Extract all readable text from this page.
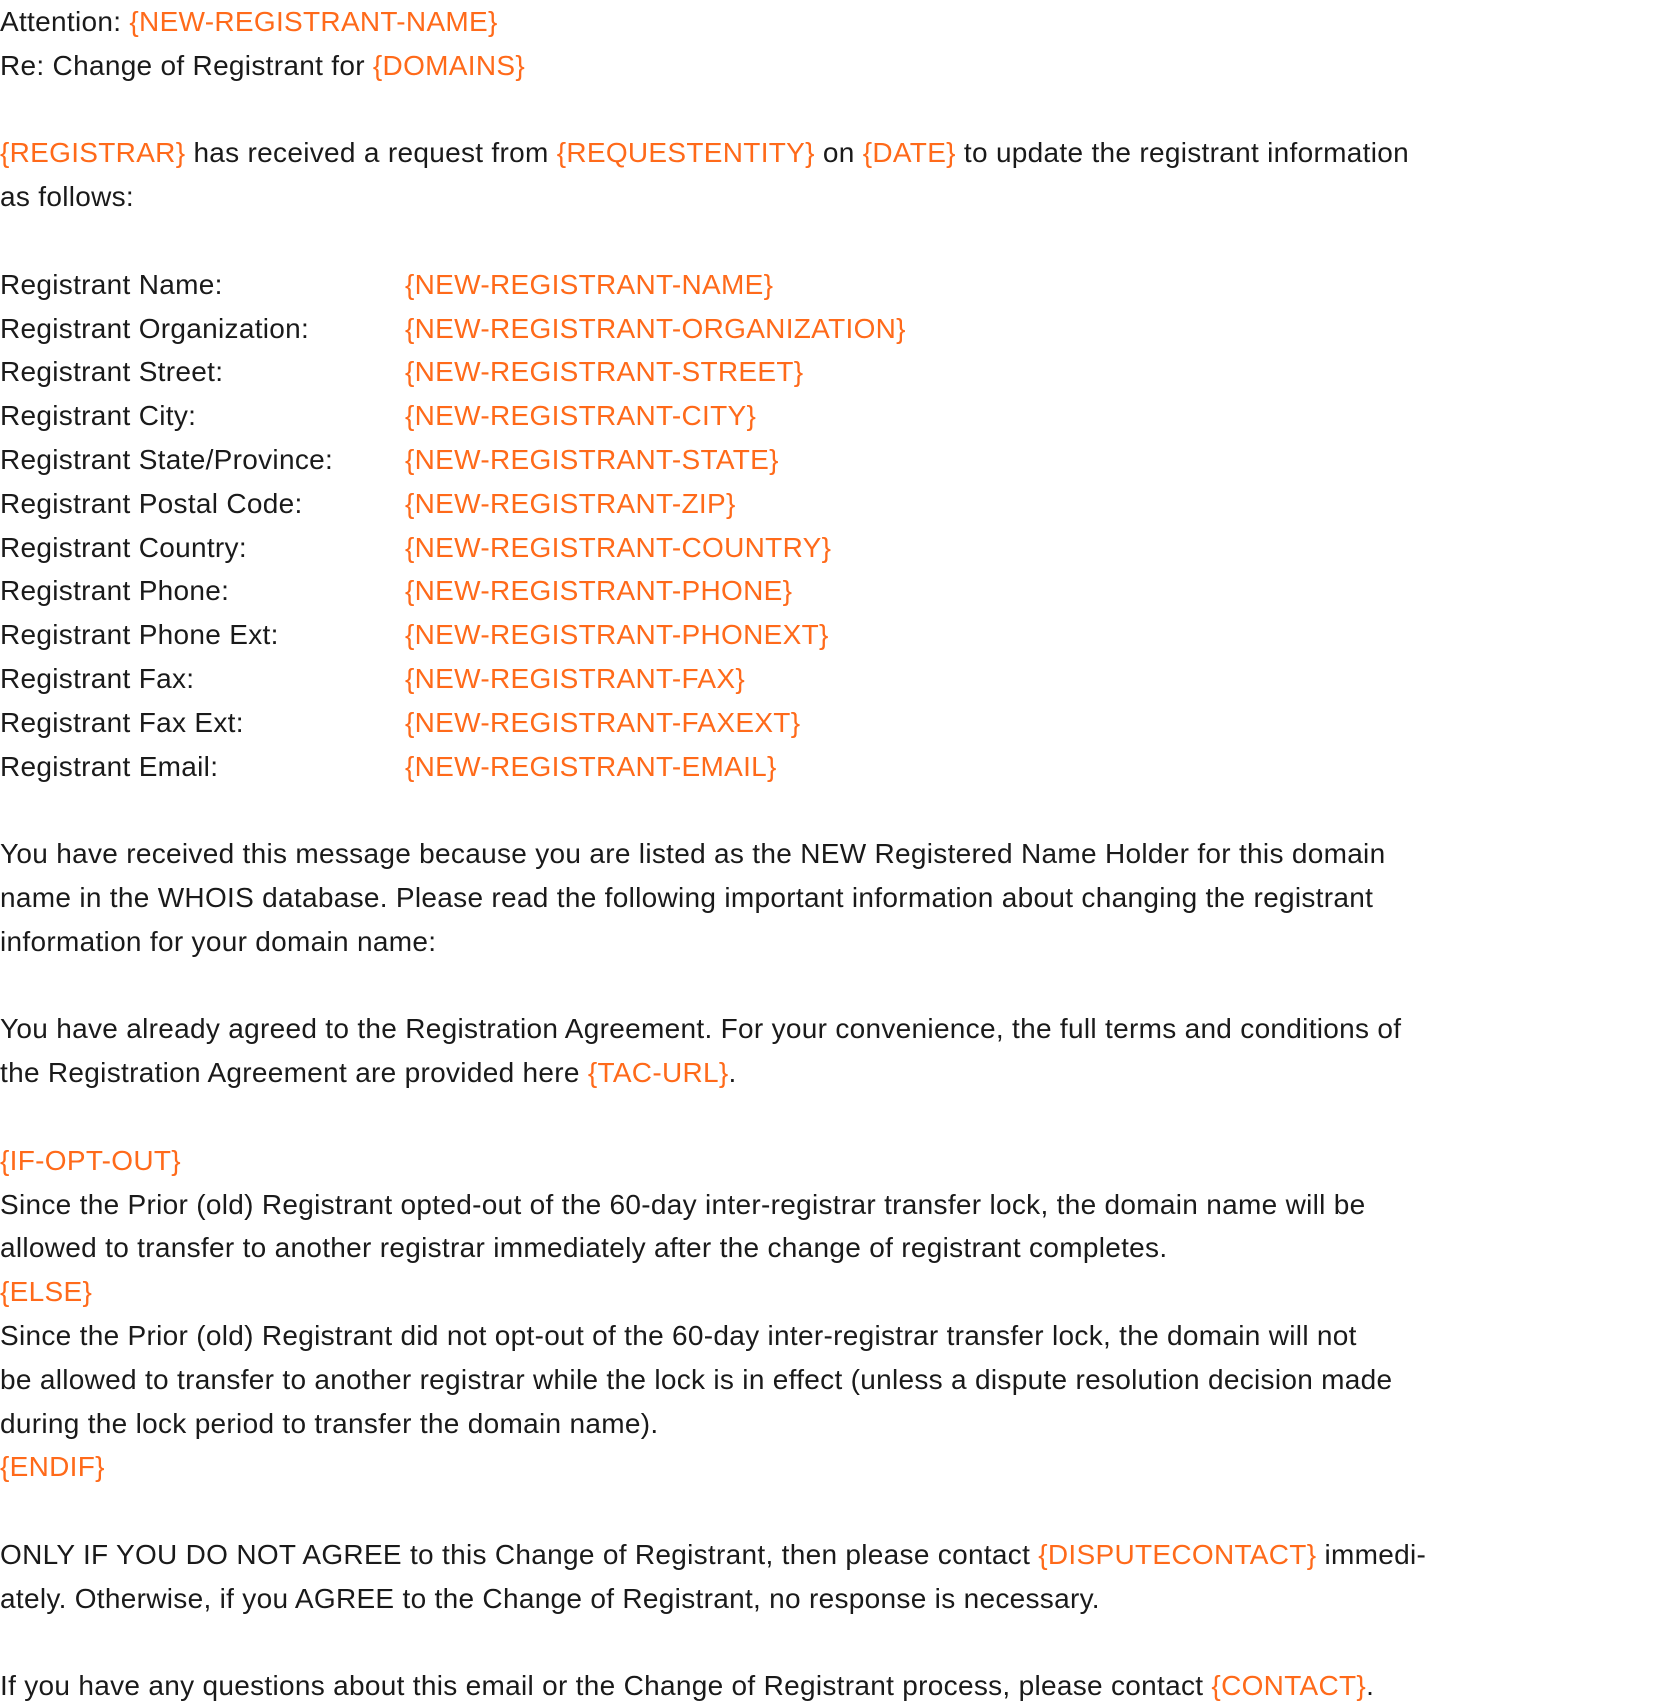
Attention: {NEW-REGISTRANT-NAME}
Re: Change of Registrant for {DOMAINS}
{REGISTRAR} has received a request from {REQUESTENTITY} on {DATE} to update the registrant information
as follows:
Registrant Name:	{NEW-REGISTRANT-NAME}
Registrant Organization:	{NEW-REGISTRANT-ORGANIZATION}
Registrant Street:	{NEW-REGISTRANT-STREET}
Registrant City:	{NEW-REGISTRANT-CITY}
Registrant State/Province:	{NEW-REGISTRANT-STATE}
Registrant Postal Code:	{NEW-REGISTRANT-ZIP}
Registrant Country:	{NEW-REGISTRANT-COUNTRY}
Registrant Phone:	{NEW-REGISTRANT-PHONE}
Registrant Phone Ext:	{NEW-REGISTRANT-PHONEXT}
Registrant Fax:	{NEW-REGISTRANT-FAX}
Registrant Fax Ext:	{NEW-REGISTRANT-FAXEXT}
Registrant Email:	{NEW-REGISTRANT-EMAIL}
You have received this message because you are listed as the NEW Registered Name Holder for this domain
name in the WHOIS database. Please read the following important information about changing the registrant
information for your domain name:
You have already agreed to the Registration Agreement. For your convenience, the full terms and conditions of
the Registration Agreement are provided here {TAC-URL}.
{IF-OPT-OUT}
Since the Prior (old) Registrant opted-out of the 60-day inter-registrar transfer lock, the domain name will be
allowed to transfer to another registrar immediately after the change of registrant completes.
{ELSE}
Since the Prior (old) Registrant did not opt-out of the 60-day inter-registrar transfer lock, the domain will not
be allowed to transfer to another registrar while the lock is in effect (unless a dispute resolution decision made
during the lock period to transfer the domain name).
{ENDIF}
ONLY IF YOU DO NOT AGREE to this Change of Registrant, then please contact {DISPUTECONTACT} immedi-
ately. Otherwise, if you AGREE to the Change of Registrant, no response is necessary.
If you have any questions about this email or the Change of Registrant process, please contact {CONTACT}.
